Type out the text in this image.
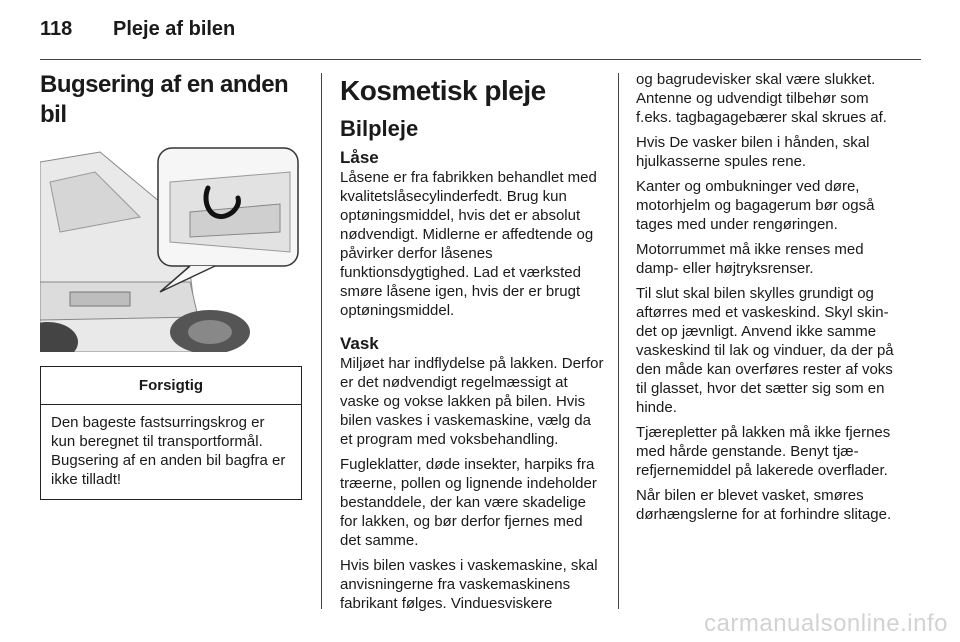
118 Pleje af bilen
Bugsering af en anden bil
Forsigtig
Den bageste fastsurringskrog er kun beregnet til transportformål. Bugsering af en anden bil bagfra er ikke tilladt!
Kosmetisk pleje
Bilpleje
Låse

Låsene er fra fabrikken behandlet med kvalitetslåsecylinderfedt. Brug kun optøningsmiddel, hvis det er absolut nødvendigt. Midlerne er affedtende og påvirker derfor låsenes funktionsdygtighed. Lad et værksted smøre låsene igen, hvis der er brugt optøningsmiddel.

Vask

Miljøet har indflydelse på lakken. Derfor er det nødvendigt regelmæssigt at vaske og vokse lakken på bilen. Hvis bilen vaskes i vaskemaskine, vælg da et program med voksbehandling.

Fugleklatter, døde insekter, harpiks fra træerne, pollen og lignende indeholder bestanddele, der kan være skadelige for lakken, og bør derfor fjernes med det samme.

Hvis bilen vaskes i vaskemaskine, skal anvisningerne fra vaskemaskinens fabrikant følges. Vinduesviskere

og bagrudevisker skal være slukket. Antenne og udvendigt tilbehør som f.eks. tagbagagebærer skal skrues af.

Hvis De vasker bilen i hånden, skal hjulkasserne spules rene.

Kanter og ombukninger ved døre, motorhjelm og bagagerum bør også tages med under rengøringen.

Motorrummet må ikke renses med damp- eller højtryksrenser.

Til slut skal bilen skylles grundigt og aftørres med et vaskeskind. Skyl skindet op jævnligt. Anvend ikke samme vaskeskind til lak og vinduer, da der på den måde kan overføres rester af voks til glasset, hvor det sætter sig som en hinde.

Tjærepletter på lakken må ikke fjernes med hårde genstande. Benyt tjærefjernemiddel på lakerede overflader.

Når bilen er blevet vasket, smøres dørhængslerne for at forhindre slitage.

carmanualsonline.info
